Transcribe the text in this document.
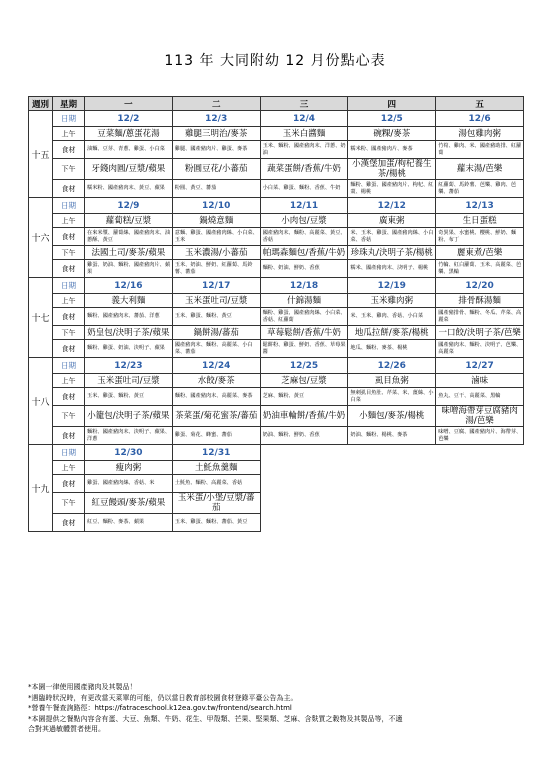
113 年 大同附幼 12 月份點心表
週別	星期	一	二	三	四	五
十五	日期	12/2	12/3	12/4	12/5	12/6
	上午	豆菜麵/蔥蛋花湯	雞腿三明治/麥茶	玉米白醬麵	碗粿/麥茶	湯包雞肉粥
	食材	油麵、豆芽、青蔥、雞蛋、小白菜	雞腿、國產豬肉片、雞蛋、麥茶	玉米、麵粉、國產豬肉末、洋蔥、奶油	糯米粉、國產豬肉片、麥茶	竹筍、雞肉、米、國產豬助排、紅蘿蔔
	下午	牙錢肉圓/豆漿/蘋果	粉圓豆花/小蕃茄	蔬菜蛋餅/香蕉/牛奶	小漢堡加蛋/枸杞養生茶/楊桃	蘿末湯/芭樂
	食材	糯米粉、國產豬肉末、黃豆、蘋果	粉圓、黃豆、蕃茄	小白菜、雞蛋、麵粉、香蕉、牛奶	麵粉、雞蛋、國產豬肉片、枸杞、紅棗、楊桃	紅蘿蔔、馬鈴薯、芭樂、雞肉、芭樂、蕃茄
十六	日期	12/9	12/10	12/11	12/12	12/13
	上午	蘿蔔糕/豆漿	鍋燒意麵	小肉包/豆漿	廣東粥	生日蛋糕
	食材	在來米漿、蘿蔔絲、國產豬肉末、油蔥酥、黃豆	意麵、雞蛋、國產豬肉絲、小白菜、玉米	國產豬肉末、麵粉、高麗菜、黃豆、香菇	米、玉米、雞蛋、國產豬肉絲、小白菜、香菇	奇異果、水蜜桃、櫻桃、鮮奶、麵粉、布丁
	下午	法國土司/麥茶/蘋果	玉米濃湯/小蕃茄	帕瑪森麵包/香蕉/牛奶	珍珠丸/決明子茶/楊桃	麗東煮/芭樂
	食材	雞蛋、奶油、麵粉、國產豬肉片、蘋果	玉米、奶油、鮮奶、紅蘿蔔、馬鈴薯、蕃茄	麵粉、奶油、鮮奶、香蕉	糯米、國產豬肉末、決明子、楊桃	竹輪、紅白蘿蔔、玉米、高麗菜、芭樂、黑輪
十七	日期	12/16	12/17	12/18	12/19	12/20
	上午	義大利麵	玉米蛋吐司/豆漿	什錦湯麵	玉米雞肉粥	排骨酥湯麵
	食材	麵粉、國產豬肉末、蕃茄、洋蔥	玉米、雞蛋、麵粉、黃豆	麵粉、雞蛋、國產豬肉絲、小白菜、香菇、紅蘿蔔	米、玉米、雞肉、香菇、小白菜	國產豬排骨、麵粉、冬瓜、芹菜、高麗菜
	下午	奶皇包/決明子茶/蘋果	鍋餅湯/蕃茄	草莓鬆餅/香蕉/牛奶	地瓜拉餅/麥茶/楊桃	一口餃/決明子茶/芭樂
	食材	麵粉、雞蛋、奶油、決明子、蘋果	國產豬肉末、麵粉、高麗菜、小白菜、蕃茄	鬆餅粉、雞蛋、鮮奶、香蕉、草莓果醬	地瓜、麵粉、麥茶、楊桃	國產豬肉末、麵粉、決明子、芭樂、高麗菜
十八	日期	12/23	12/24	12/25	12/26	12/27
	上午	玉米蛋吐司/豆漿	水餃/麥茶	芝麻包/豆漿	虱目魚粥	滷味
	食材	玉米、雞蛋、麵粉、黃豆	麵粉、國產豬肉末、高麗菜、麥茶	芝麻、麵粉、黃豆	無刺虱目魚肚、芹菜、米、薑絲、小白菜	魚丸、豆干、高麗菜、黑輪
	下午	小籠包/決明子茶/蘋果	茶菜蛋/菊花蜜茶/蕃茄	奶油車輪餅/香蕉/牛奶	小麵包/麥茶/楊桃	味噌海帶芽豆腐豬肉湯/芭樂
	食材	麵粉、國產豬肉末、決明子、蘋果、洋蔥	雞蛋、菊花、蜂蜜、蕃茄	奶油、麵粉、鮮奶、香蕉	奶油、麵粉、楊桃、麥茶	味噌、豆腐、國產豬肉片、海帶芽、芭樂
十九	日期	12/30	12/31			
	上午	瘦肉粥	土魠魚羹麵			
	食材	雞蛋、國產豬肉絲、香菇、米	土魠魚、麵粉、高麗菜、香菇			
	下午	紅豆饅頭/麥茶/蘋果	玉米蛋/小堡/豆漿/蕃茄			
	食材	紅豆、麵粉、麥茶、蘋果	玉米、雞蛋、麵粉、蕃茄、黃豆			
*本園一律使用國產豬肉及其製品！
*遇臨時狀況時，有更改當天菜單的可能，仍以當日教育部校園食材登錄平臺公告為主。
*營養午餐查詢路徑：https://fatraceschool.k12ea.gov.tw/frontend/search.html
*本園提供之餐點內容含有蛋、大豆、魚類、牛奶、花生、甲殼類、芒果、堅果類、芝麻、含麩質之穀物及其製品等，不適
合對其過敏體質者使用。
